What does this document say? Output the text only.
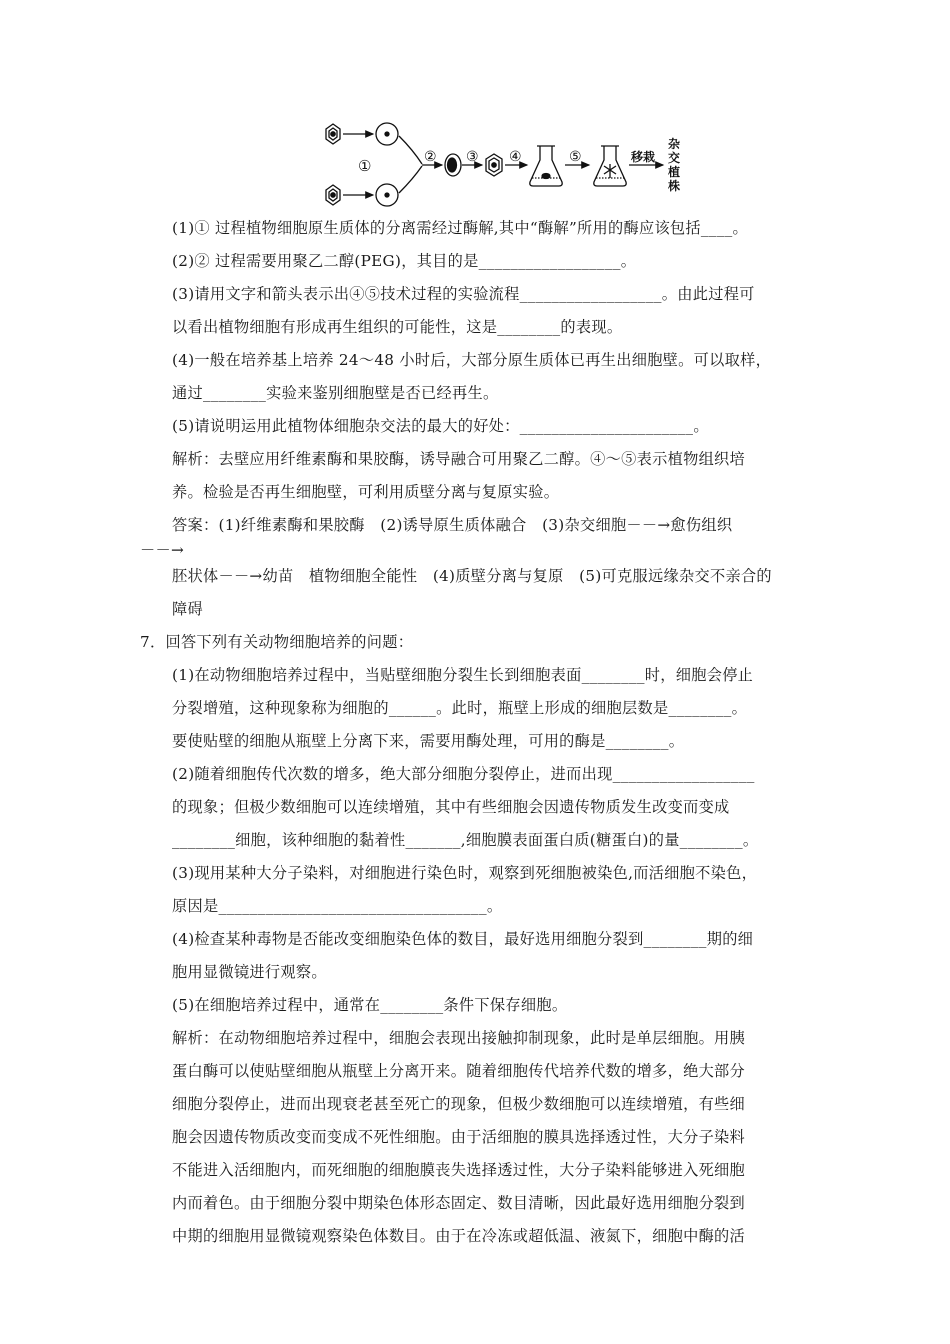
①	② ③ ④	⑤	移栽
杂
交
植
株
(1)① 过程植物细胞原生质体的分离需经过酶解,其中“酶解”所用的酶应该包括____。
(2)② 过程需要用聚乙二醇(PEG)，其目的是__________________。
(3)请用文字和箭头表示出④⑤技术过程的实验流程__________________。由此过程可
以看出植物细胞有形成再生组织的可能性，这是________的表现。
(4)一般在培养基上培养 24～48 小时后，大部分原生质体已再生出细胞壁。可以取样，
通过________实验来鉴别细胞壁是否已经再生。
(5)请说明运用此植物体细胞杂交法的最大的好处：______________________。
解析：去壁应用纤维素酶和果胶酶，诱导融合可用聚乙二醇。④～⑤表示植物组织培
养。检验是否再生细胞壁，可利用质壁分离与复原实验。
答案：(1)纤维素酶和果胶酶　(2)诱导原生质体融合　(3)杂交细胞－－→愈伤组织
－－→
胚状体－－→幼苗　植物细胞全能性　(4)质壁分离与复原　(5)可克服远缘杂交不亲合的
障碍
7．回答下列有关动物细胞培养的问题：
(1)在动物细胞培养过程中，当贴壁细胞分裂生长到细胞表面________时，细胞会停止
分裂增殖，这种现象称为细胞的______。此时，瓶壁上形成的细胞层数是________。
要使贴壁的细胞从瓶壁上分离下来，需要用酶处理，可用的酶是________。
(2)随着细胞传代次数的增多，绝大部分细胞分裂停止，进而出现__________________
的现象；但极少数细胞可以连续增殖，其中有些细胞会因遗传物质发生改变而变成
________细胞，该种细胞的黏着性_______,细胞膜表面蛋白质(糖蛋白)的量________。
(3)现用某种大分子染料，对细胞进行染色时，观察到死细胞被染色,而活细胞不染色，
原因是__________________________________。
(4)检查某种毒物是否能改变细胞染色体的数目，最好选用细胞分裂到________期的细
胞用显微镜进行观察。
(5)在细胞培养过程中，通常在________条件下保存细胞。
解析：在动物细胞培养过程中，细胞会表现出接触抑制现象，此时是单层细胞。用胰
蛋白酶可以使贴壁细胞从瓶壁上分离开来。随着细胞传代培养代数的增多，绝大部分
细胞分裂停止，进而出现衰老甚至死亡的现象，但极少数细胞可以连续增殖，有些细
胞会因遗传物质改变而变成不死性细胞。由于活细胞的膜具选择透过性，大分子染料
不能进入活细胞内，而死细胞的细胞膜丧失选择透过性，大分子染料能够进入死细胞
内而着色。由于细胞分裂中期染色体形态固定、数目清晰，因此最好选用细胞分裂到
中期的细胞用显微镜观察染色体数目。由于在冷冻或超低温、液氮下，细胞中酶的活
